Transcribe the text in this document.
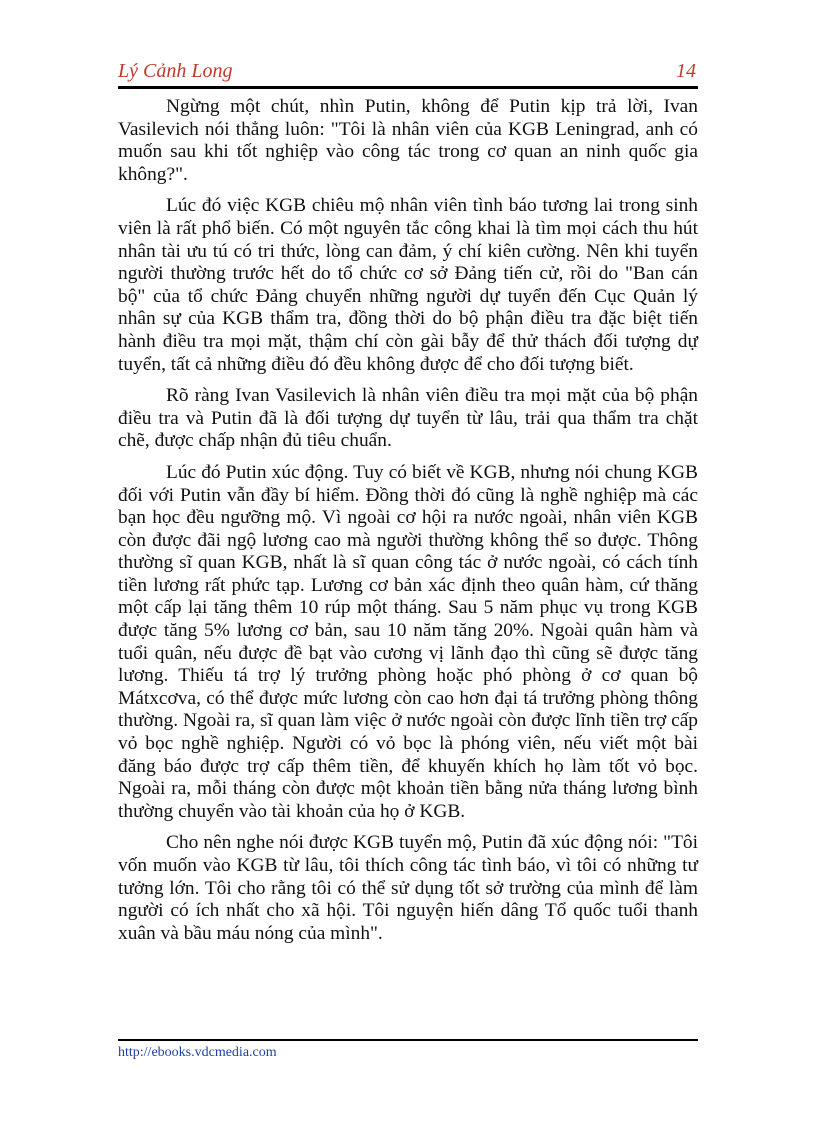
Lý Cảnh Long	14

Ngừng một chút, nhìn Putin, không để Putin kịp trả lời, Ivan Vasilevich nói thẳng luôn: "Tôi là nhân viên của KGB Leningrad, anh có muốn sau khi tốt nghiệp vào công tác trong cơ quan an ninh quốc gia không?".

Lúc đó việc KGB chiêu mộ nhân viên tình báo tương lai trong sinh viên là rất phổ biến. Có một nguyên tắc công khai là tìm mọi cách thu hút nhân tài ưu tú có tri thức, lòng can đảm, ý chí kiên cường. Nên khi tuyển người thường trước hết do tổ chức cơ sở Đảng tiến cử, rồi do "Ban cán bộ" của tổ chức Đảng chuyển những người dự tuyển đến Cục Quản lý nhân sự của KGB thẩm tra, đồng thời do bộ phận điều tra đặc biệt tiến hành điều tra mọi mặt, thậm chí còn gài bẫy để thử thách đối tượng dự tuyển, tất cả những điều đó đều không được để cho đối tượng biết.

Rõ ràng Ivan Vasilevich là nhân viên điều tra mọi mặt của bộ phận điều tra và Putin đã là đối tượng dự tuyển từ lâu, trải qua thẩm tra chặt chẽ, được chấp nhận đủ tiêu chuẩn.

Lúc đó Putin xúc động. Tuy có biết về KGB, nhưng nói chung KGB đối với Putin vẫn đầy bí hiểm. Đồng thời đó cũng là nghề nghiệp mà các bạn học đều ngưỡng mộ. Vì ngoài cơ hội ra nước ngoài, nhân viên KGB còn được đãi ngộ lương cao mà người thường không thể so được. Thông thường sĩ quan KGB, nhất là sĩ quan công tác ở nước ngoài, có cách tính tiền lương rất phức tạp. Lương cơ bản xác định theo quân hàm, cứ thăng một cấp lại tăng thêm 10 rúp một tháng. Sau 5 năm phục vụ trong KGB được tăng 5% lương cơ bản, sau 10 năm tăng 20%. Ngoài quân hàm và tuổi quân, nếu được đề bạt vào cương vị lãnh đạo thì cũng sẽ được tăng lương. Thiếu tá trợ lý trưởng phòng hoặc phó phòng ở cơ quan bộ Mátxcơva, có thể được mức lương còn cao hơn đại tá trưởng phòng thông thường. Ngoài ra, sĩ quan làm việc ở nước ngoài còn được lĩnh tiền trợ cấp vỏ bọc nghề nghiệp. Người có vỏ bọc là phóng viên, nếu viết một bài đăng báo được trợ cấp thêm tiền, để khuyến khích họ làm tốt vỏ bọc. Ngoài ra, mỗi tháng còn được một khoản tiền bằng nửa tháng lương bình thường chuyển vào tài khoản của họ ở KGB.

Cho nên nghe nói được KGB tuyển mộ, Putin đã xúc động nói: "Tôi vốn muốn vào KGB từ lâu, tôi thích công tác tình báo, vì tôi có những tư tưởng lớn. Tôi cho rằng tôi có thể sử dụng tốt sở trường của mình để làm người có ích nhất cho xã hội. Tôi nguyện hiến dâng Tổ quốc tuổi thanh xuân và bầu máu nóng của mình".

http://ebooks.vdcmedia.com
